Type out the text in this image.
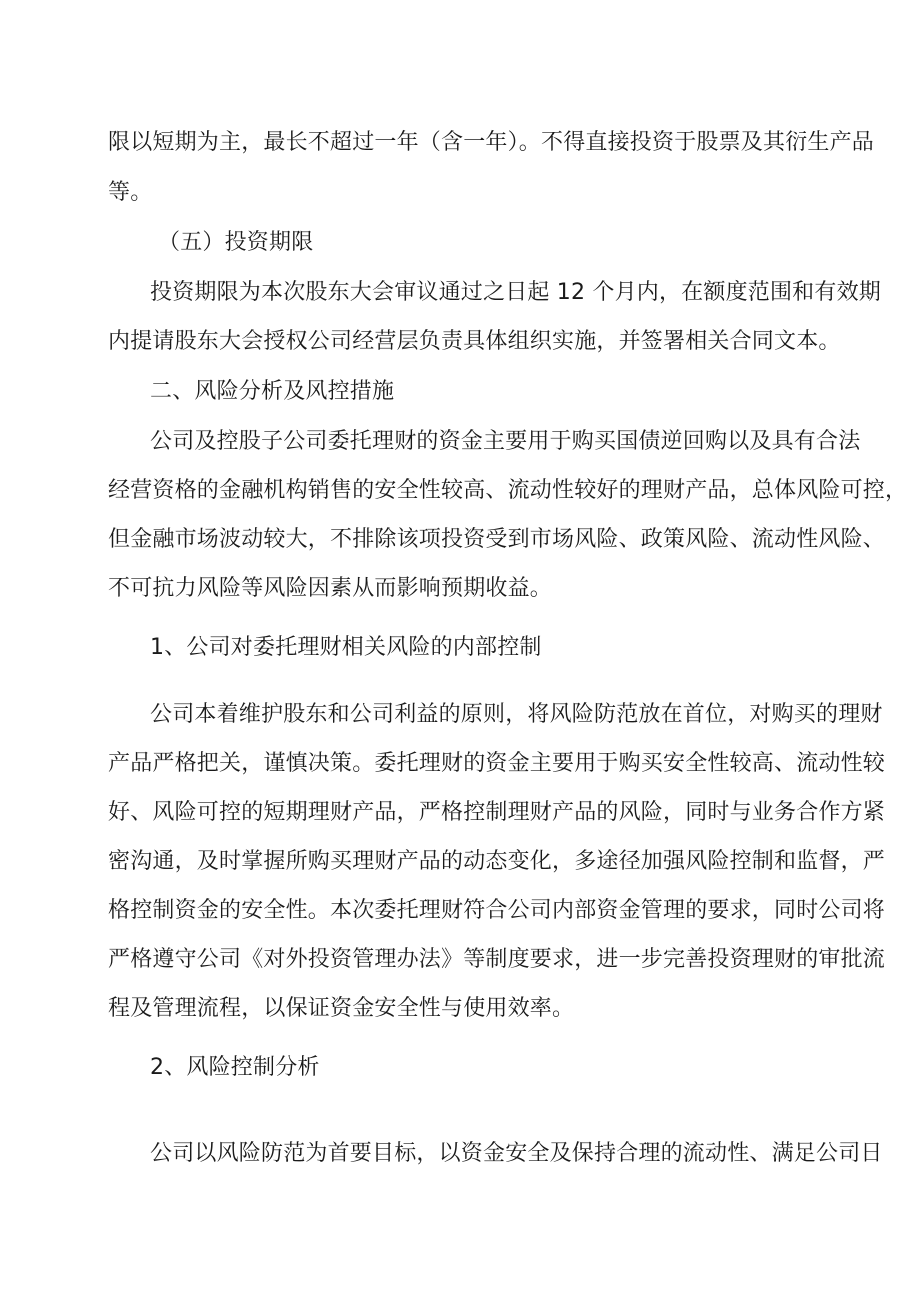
限以短期为主，最长不超过一年（含一年）。不得直接投资于股票及其衍生产品
等。
（五）投资期限
投资期限为本次股东大会审议通过之日起 12 个月内，在额度范围和有效期
内提请股东大会授权公司经营层负责具体组织实施，并签署相关合同文本。
二、风险分析及风控措施
公司及控股子公司委托理财的资金主要用于购买国债逆回购以及具有合法
经营资格的金融机构销售的安全性较高、流动性较好的理财产品，总体风险可控，
但金融市场波动较大，不排除该项投资受到市场风险、政策风险、流动性风险、
不可抗力风险等风险因素从而影响预期收益。
1、公司对委托理财相关风险的内部控制
公司本着维护股东和公司利益的原则，将风险防范放在首位，对购买的理财
产品严格把关，谨慎决策。委托理财的资金主要用于购买安全性较高、流动性较
好、风险可控的短期理财产品，严格控制理财产品的风险，同时与业务合作方紧
密沟通，及时掌握所购买理财产品的动态变化，多途径加强风险控制和监督，严
格控制资金的安全性。本次委托理财符合公司内部资金管理的要求，同时公司将
严格遵守公司《对外投资管理办法》等制度要求，进一步完善投资理财的审批流
程及管理流程，以保证资金安全性与使用效率。
2、风险控制分析
公司以风险防范为首要目标，以资金安全及保持合理的流动性、满足公司日
